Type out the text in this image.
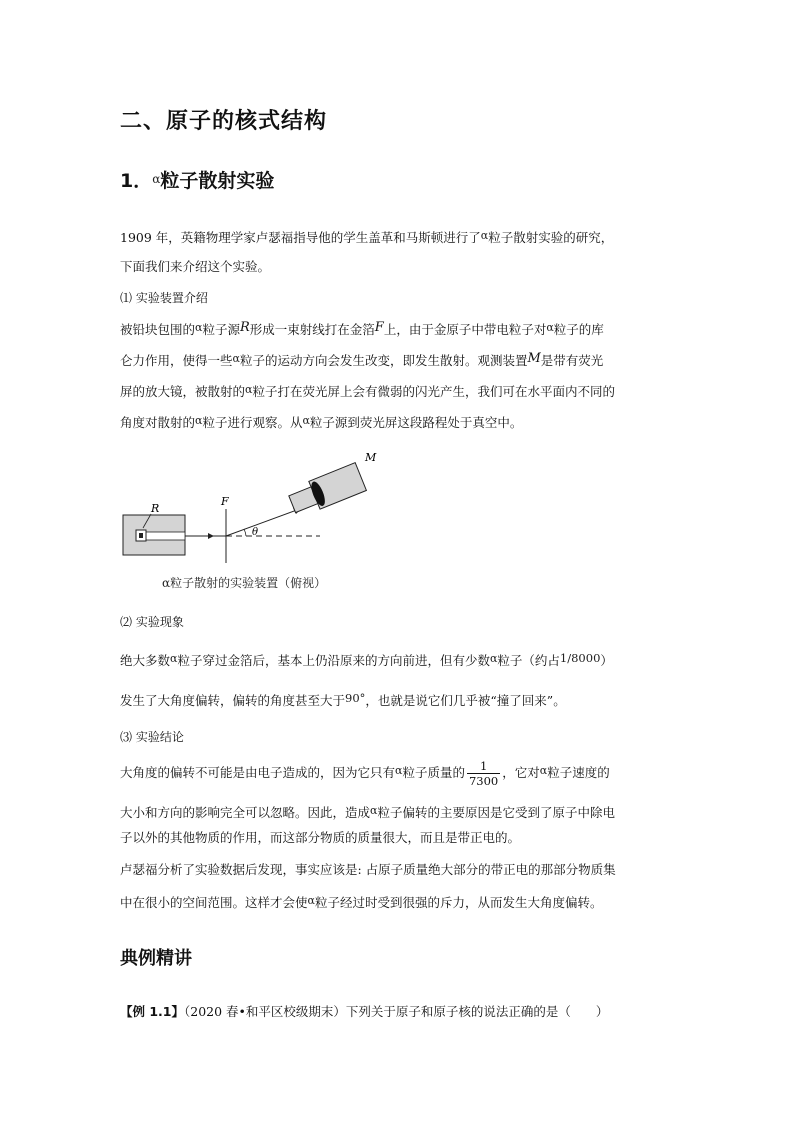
二、原子的核式结构
1．$^\alpha$粒子散射实验
1909 年，英籍物理学家卢瑟福指导他的学生盖革和马斯顿进行了α粒子散射实验的研究，
下面我们来介绍这个实验。
⑴ 实验装置介绍
被铅块包围的α粒子源R形成一束射线打在金箔F上，由于金原子中带电粒子对α粒子的库
仑力作用，使得一些α粒子的运动方向会发生改变，即发生散射。观测装置M是带有荧光
屏的放大镜，被散射的α粒子打在荧光屏上会有微弱的闪光产生，我们可在水平面内不同的
角度对散射的α粒子进行观察。从α粒子源到荧光屏这段路程处于真空中。
R
F
θ
M
α粒子散射的实验装置（俯视）
⑵ 实验现象
绝大多数α粒子穿过金箔后，基本上仍沿原来的方向前进，但有少数α粒子（约占1/8000）
发生了大角度偏转，偏转的角度甚至大于90°，也就是说它们几乎被“撞了回来”。
⑶ 实验结论
大角度的偏转不可能是由电子造成的，因为它只有α粒子质量的 $\frac{1}{7300}$ ，它对α粒子速度的
大小和方向的影响完全可以忽略。因此，造成α粒子偏转的主要原因是它受到了原子中除电
子以外的其他物质的作用，而这部分物质的质量很大，而且是带正电的。
卢瑟福分析了实验数据后发现，事实应该是: 占原子质量绝大部分的带正电的那部分物质集
中在很小的空间范围。这样才会使α粒子经过时受到很强的斥力，从而发生大角度偏转。
典例精讲
【例 1.1】（2020 春•和平区校级期末）下列关于原子和原子核的说法正确的是（　　）
